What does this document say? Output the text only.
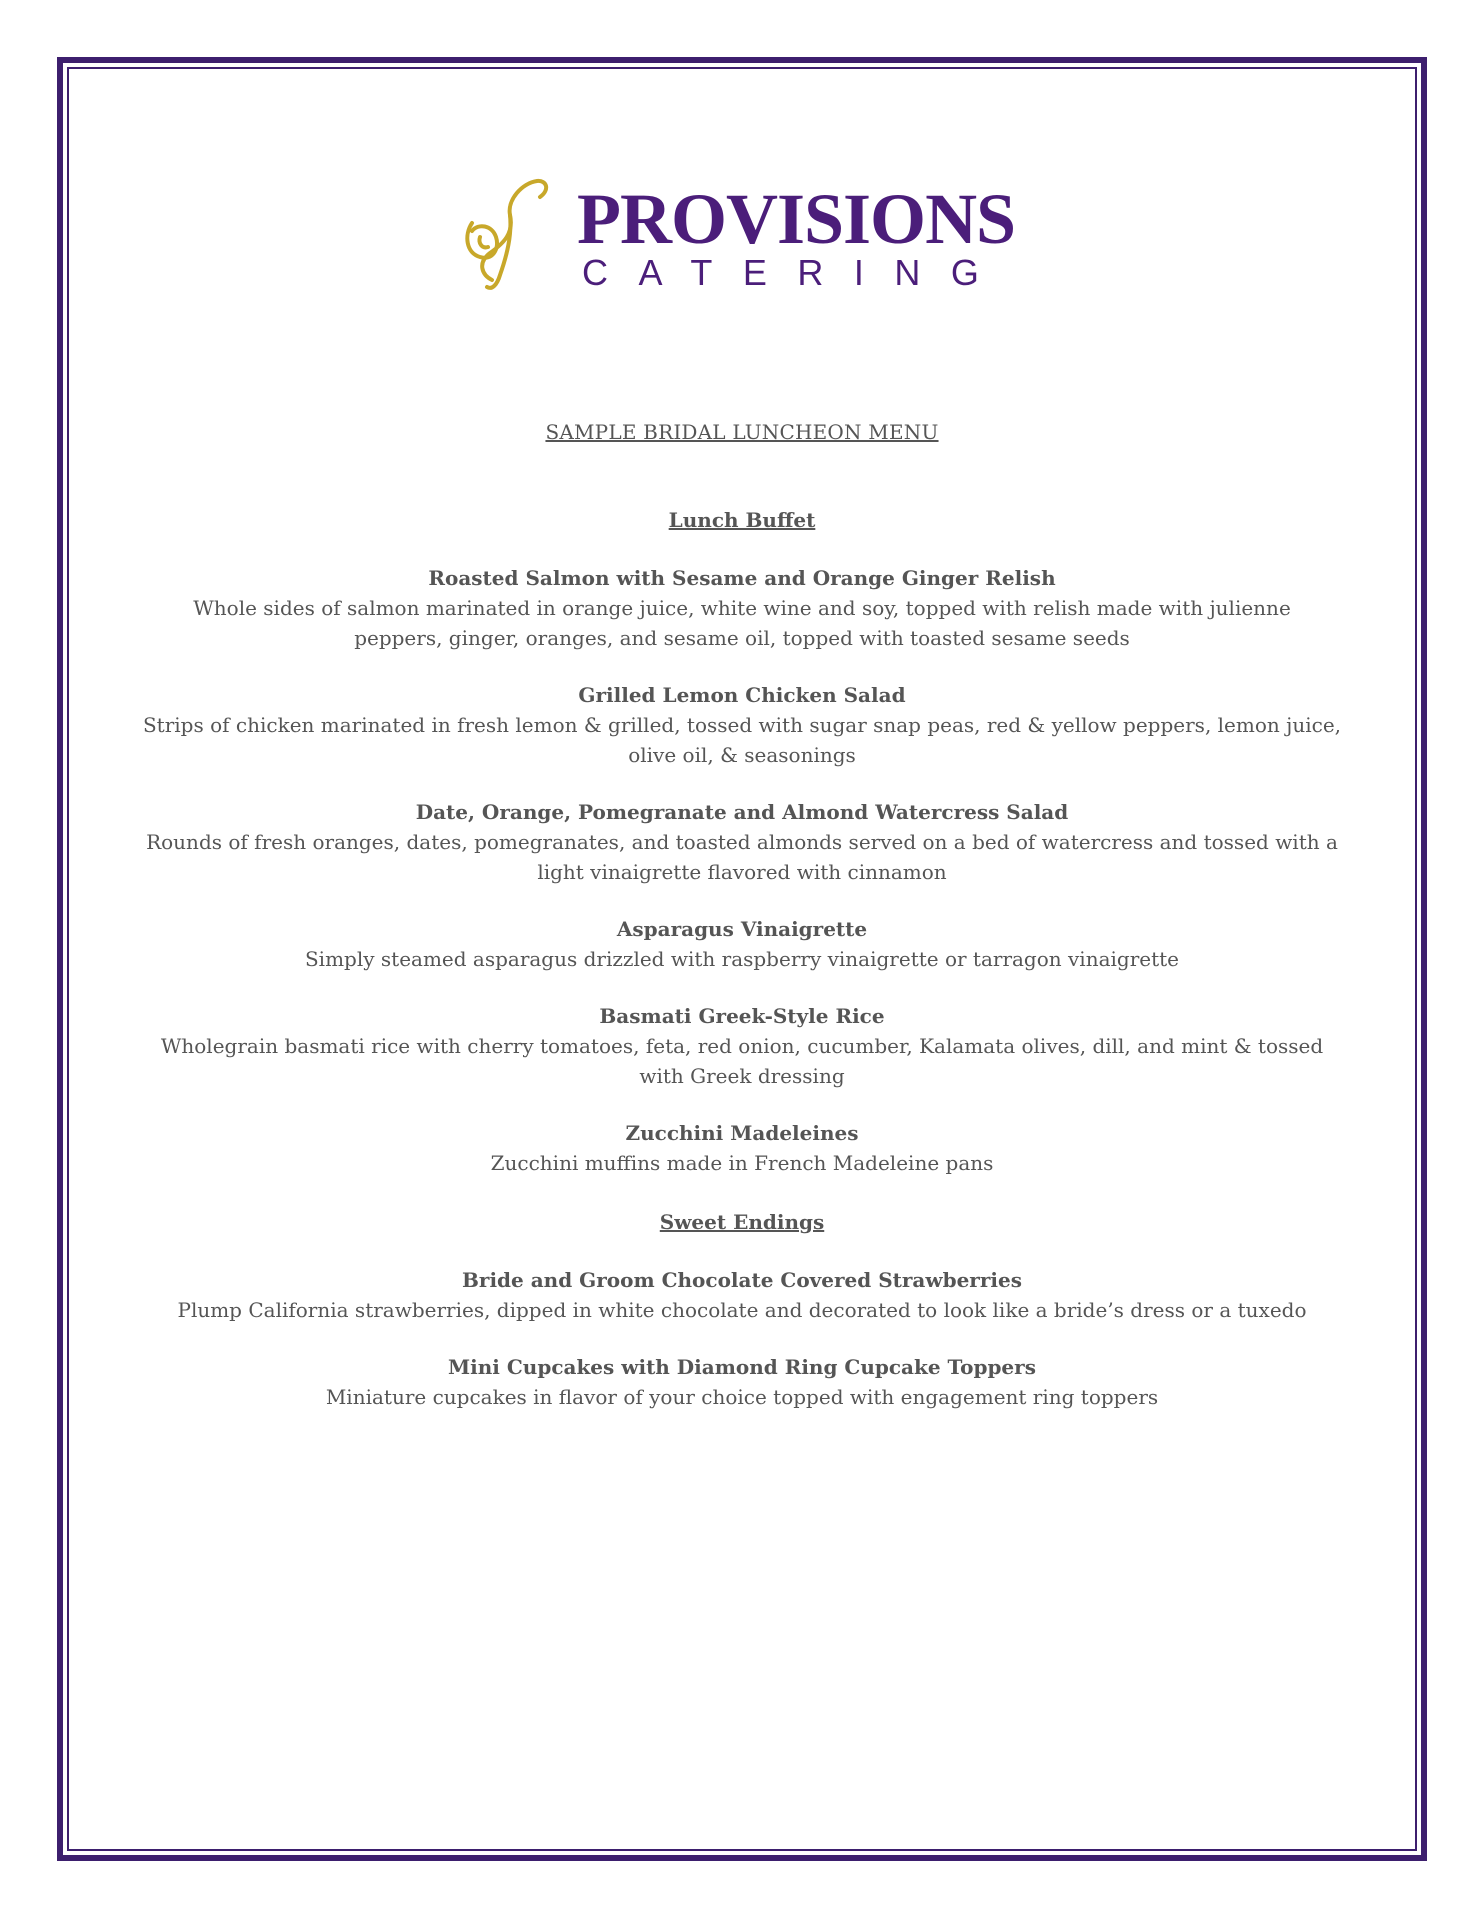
PROVISIONS
CATERING

SAMPLE BRIDAL LUNCHEON MENU

Lunch Buffet

Roasted Salmon with Sesame and Orange Ginger Relish

Whole sides of salmon marinated in orange juice, white wine and soy, topped with relish made with julienne

peppers, ginger, oranges, and sesame oil, topped with toasted sesame seeds

Grilled Lemon Chicken Salad

Strips of chicken marinated in fresh lemon & grilled, tossed with sugar snap peas, red & yellow peppers, lemon juice,

olive oil, & seasonings

Date, Orange, Pomegranate and Almond Watercress Salad

Rounds of fresh oranges, dates, pomegranates, and toasted almonds served on a bed of watercress and tossed with a

light vinaigrette flavored with cinnamon

Asparagus Vinaigrette

Simply steamed asparagus drizzled with raspberry vinaigrette or tarragon vinaigrette

Basmati Greek-Style Rice

Wholegrain basmati rice with cherry tomatoes, feta, red onion, cucumber, Kalamata olives, dill, and mint & tossed

with Greek dressing

Zucchini Madeleines

Zucchini muffins made in French Madeleine pans

Sweet Endings

Bride and Groom Chocolate Covered Strawberries

Plump California strawberries, dipped in white chocolate and decorated to look like a bride’s dress or a tuxedo

Mini Cupcakes with Diamond Ring Cupcake Toppers

Miniature cupcakes in flavor of your choice topped with engagement ring toppers
